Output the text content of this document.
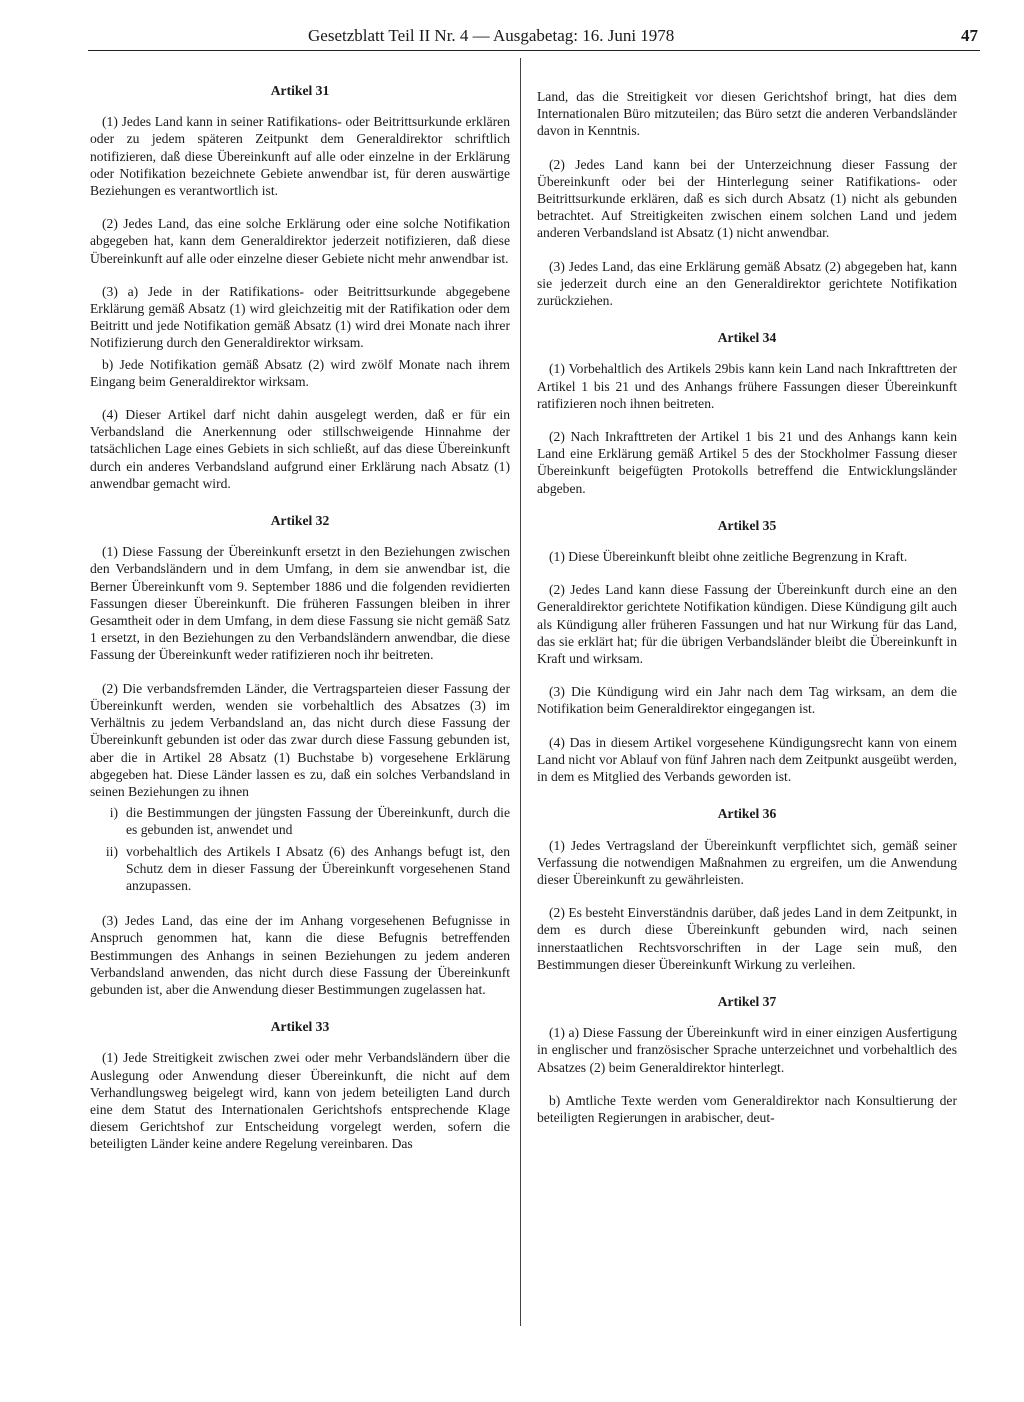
Gesetzblatt Teil II Nr. 4 — Ausgabetag: 16. Juni 1978	47
Artikel 31

(1) Jedes Land kann in seiner Ratifikations- oder Beitrittsurkunde erklären oder zu jedem späteren Zeitpunkt dem Generaldirektor schriftlich notifizieren, daß diese Übereinkunft auf alle oder einzelne in der Erklärung oder Notifikation bezeichnete Gebiete anwendbar ist, für deren auswärtige Beziehungen es verantwortlich ist.

(2) Jedes Land, das eine solche Erklärung oder eine solche Notifikation abgegeben hat, kann dem Generaldirektor jederzeit notifizieren, daß diese Übereinkunft auf alle oder einzelne dieser Gebiete nicht mehr anwendbar ist.

(3) a) Jede in der Ratifikations- oder Beitrittsurkunde abgegebene Erklärung gemäß Absatz (1) wird gleichzeitig mit der Ratifikation oder dem Beitritt und jede Notifikation gemäß Absatz (1) wird drei Monate nach ihrer Notifizierung durch den Generaldirektor wirksam.

b) Jede Notifikation gemäß Absatz (2) wird zwölf Monate nach ihrem Eingang beim Generaldirektor wirksam.

(4) Dieser Artikel darf nicht dahin ausgelegt werden, daß er für ein Verbandsland die Anerkennung oder stillschweigende Hinnahme der tatsächlichen Lage eines Gebiets in sich schließt, auf das diese Übereinkunft durch ein anderes Verbandsland aufgrund einer Erklärung nach Absatz (1) anwendbar gemacht wird.

Artikel 32

(1) Diese Fassung der Übereinkunft ersetzt in den Beziehungen zwischen den Verbandsländern und in dem Umfang, in dem sie anwendbar ist, die Berner Übereinkunft vom 9. September 1886 und die folgenden revidierten Fassungen dieser Übereinkunft. Die früheren Fassungen bleiben in ihrer Gesamtheit oder in dem Umfang, in dem diese Fassung sie nicht gemäß Satz 1 ersetzt, in den Beziehungen zu den Verbandsländern anwendbar, die diese Fassung der Übereinkunft weder ratifizieren noch ihr beitreten.

(2) Die verbandsfremden Länder, die Vertragsparteien dieser Fassung der Übereinkunft werden, wenden sie vorbehaltlich des Absatzes (3) im Verhältnis zu jedem Verbandsland an, das nicht durch diese Fassung der Übereinkunft gebunden ist oder das zwar durch diese Fassung gebunden ist, aber die in Artikel 28 Absatz (1) Buchstabe b) vorgesehene Erklärung abgegeben hat. Diese Länder lassen es zu, daß ein solches Verbandsland in seinen Beziehungen zu ihnen

i) die Bestimmungen der jüngsten Fassung der Übereinkunft, durch die es gebunden ist, anwendet und
ii) vorbehaltlich des Artikels I Absatz (6) des Anhangs befugt ist, den Schutz dem in dieser Fassung der Übereinkunft vorgesehenen Stand anzupassen.

(3) Jedes Land, das eine der im Anhang vorgesehenen Befugnisse in Anspruch genommen hat, kann die diese Befugnis betreffenden Bestimmungen des Anhangs in seinen Beziehungen zu jedem anderen Verbandsland anwenden, das nicht durch diese Fassung der Übereinkunft gebunden ist, aber die Anwendung dieser Bestimmungen zugelassen hat.

Artikel 33

(1) Jede Streitigkeit zwischen zwei oder mehr Verbandsländern über die Auslegung oder Anwendung dieser Übereinkunft, die nicht auf dem Verhandlungsweg beigelegt wird, kann von jedem beteiligten Land durch eine dem Statut des Internationalen Gerichtshofs entsprechende Klage diesem Gerichtshof zur Entscheidung vorgelegt werden, sofern die beteiligten Länder keine andere Regelung vereinbaren. Das

Land, das die Streitigkeit vor diesen Gerichtshof bringt, hat dies dem Internationalen Büro mitzuteilen; das Büro setzt die anderen Verbandsländer davon in Kenntnis.

(2) Jedes Land kann bei der Unterzeichnung dieser Fassung der Übereinkunft oder bei der Hinterlegung seiner Ratifikations- oder Beitrittsurkunde erklären, daß es sich durch Absatz (1) nicht als gebunden betrachtet. Auf Streitigkeiten zwischen einem solchen Land und jedem anderen Verbandsland ist Absatz (1) nicht anwendbar.

(3) Jedes Land, das eine Erklärung gemäß Absatz (2) abgegeben hat, kann sie jederzeit durch eine an den Generaldirektor gerichtete Notifikation zurückziehen.

Artikel 34

(1) Vorbehaltlich des Artikels 29bis kann kein Land nach Inkrafttreten der Artikel 1 bis 21 und des Anhangs frühere Fassungen dieser Übereinkunft ratifizieren noch ihnen beitreten.

(2) Nach Inkrafttreten der Artikel 1 bis 21 und des Anhangs kann kein Land eine Erklärung gemäß Artikel 5 des der Stockholmer Fassung dieser Übereinkunft beigefügten Protokolls betreffend die Entwicklungsländer abgeben.

Artikel 35

(1) Diese Übereinkunft bleibt ohne zeitliche Begrenzung in Kraft.

(2) Jedes Land kann diese Fassung der Übereinkunft durch eine an den Generaldirektor gerichtete Notifikation kündigen. Diese Kündigung gilt auch als Kündigung aller früheren Fassungen und hat nur Wirkung für das Land, das sie erklärt hat; für die übrigen Verbandsländer bleibt die Übereinkunft in Kraft und wirksam.

(3) Die Kündigung wird ein Jahr nach dem Tag wirksam, an dem die Notifikation beim Generaldirektor eingegangen ist.

(4) Das in diesem Artikel vorgesehene Kündigungsrecht kann von einem Land nicht vor Ablauf von fünf Jahren nach dem Zeitpunkt ausgeübt werden, in dem es Mitglied des Verbands geworden ist.

Artikel 36

(1) Jedes Vertragsland der Übereinkunft verpflichtet sich, gemäß seiner Verfassung die notwendigen Maßnahmen zu ergreifen, um die Anwendung dieser Übereinkunft zu gewährleisten.

(2) Es besteht Einverständnis darüber, daß jedes Land in dem Zeitpunkt, in dem es durch diese Übereinkunft gebunden wird, nach seinen innerstaatlichen Rechtsvorschriften in der Lage sein muß, den Bestimmungen dieser Übereinkunft Wirkung zu verleihen.

Artikel 37

(1) a) Diese Fassung der Übereinkunft wird in einer einzigen Ausfertigung in englischer und französischer Sprache unterzeichnet und vorbehaltlich des Absatzes (2) beim Generaldirektor hinterlegt.

b) Amtliche Texte werden vom Generaldirektor nach Konsultierung der beteiligten Regierungen in arabischer, deut-
